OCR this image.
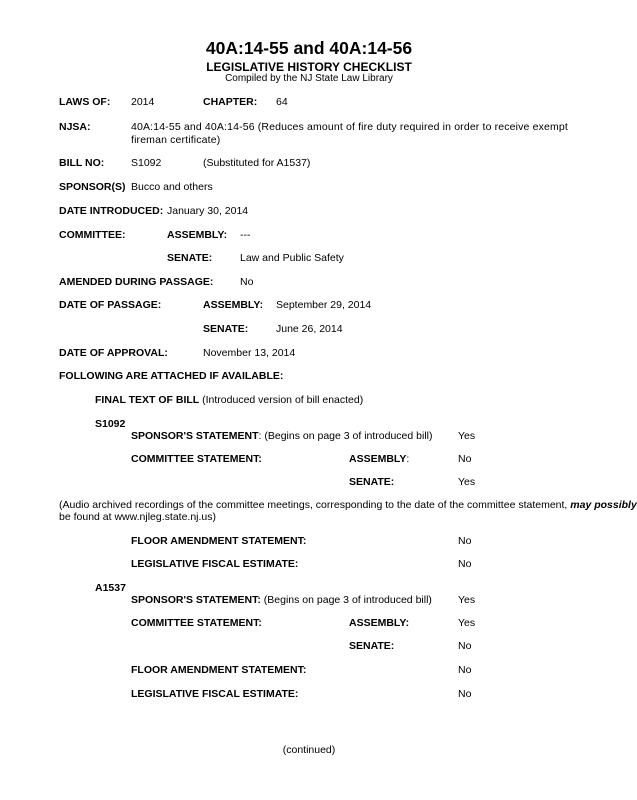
40A:14-55 and 40A:14-56
LEGISLATIVE HISTORY CHECKLIST
Compiled by the NJ State Law Library
LAWS OF: 2014	CHAPTER: 64
NJSA:	40A:14-55 and 40A:14-56 (Reduces amount of fire duty required in order to receive exempt
fireman certificate)
BILL NO:	S1092	(Substituted for A1537)
SPONSOR(S) Bucco and others
DATE INTRODUCED: January 30, 2014
COMMITTEE:	ASSEMBLY: ---
SENATE:	Law and Public Safety
AMENDED DURING PASSAGE:	No
DATE OF PASSAGE:	ASSEMBLY: September 29, 2014
SENATE:	June 26, 2014
DATE OF APPROVAL:	November 13, 2014
FOLLOWING ARE ATTACHED IF AVAILABLE:
FINAL TEXT OF BILL (Introduced version of bill enacted)
S1092
SPONSOR'S STATEMENT: (Begins on page 3 of introduced bill) Yes
COMMITTEE STATEMENT:	ASSEMBLY:	No
SENATE:	Yes
(Audio archived recordings of the committee meetings, corresponding to the date of the committee statement, may possibly
be found at www.njleg.state.nj.us)
FLOOR AMENDMENT STATEMENT:	No
LEGISLATIVE FISCAL ESTIMATE:	No
A1537
SPONSOR'S STATEMENT: (Begins on page 3 of introduced bill) Yes
COMMITTEE STATEMENT:	ASSEMBLY:	Yes
SENATE:	No
FLOOR AMENDMENT STATEMENT:	No
LEGISLATIVE FISCAL ESTIMATE:	No
(continued)
